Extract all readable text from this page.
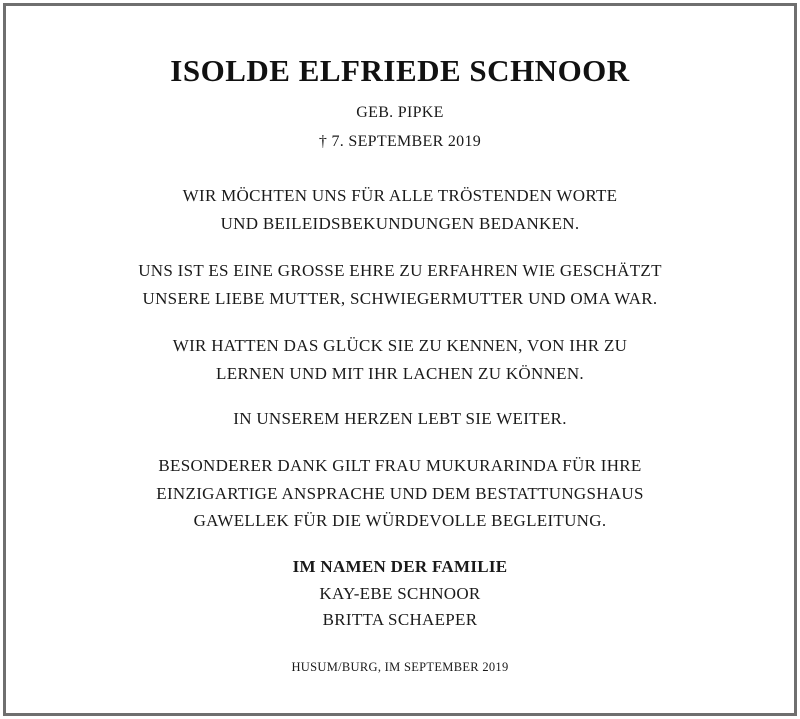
ISOLDE ELFRIEDE SCHNOOR
GEB. PIPKE
† 7. SEPTEMBER 2019
WIR MÖCHTEN UNS FÜR ALLE TRÖSTENDEN WORTE
UND BEILEIDSBEKUNDUNGEN BEDANKEN.
UNS IST ES EINE GROSSE EHRE ZU ERFAHREN WIE GESCHÄTZT
UNSERE LIEBE MUTTER, SCHWIEGERMUTTER UND OMA WAR.
WIR HATTEN DAS GLÜCK SIE ZU KENNEN, VON IHR ZU
LERNEN UND MIT IHR LACHEN ZU KÖNNEN.
IN UNSEREM HERZEN LEBT SIE WEITER.
BESONDERER DANK GILT FRAU MUKURARINDA FÜR IHRE
EINZIGARTIGE ANSPRACHE UND DEM BESTATTUNGSHAUS
GAWELLEK FÜR DIE WÜRDEVOLLE BEGLEITUNG.
IM NAMEN DER FAMILIE
KAY-EBE SCHNOOR
BRITTA SCHAEPER
HUSUM/BURG, IM SEPTEMBER 2019
